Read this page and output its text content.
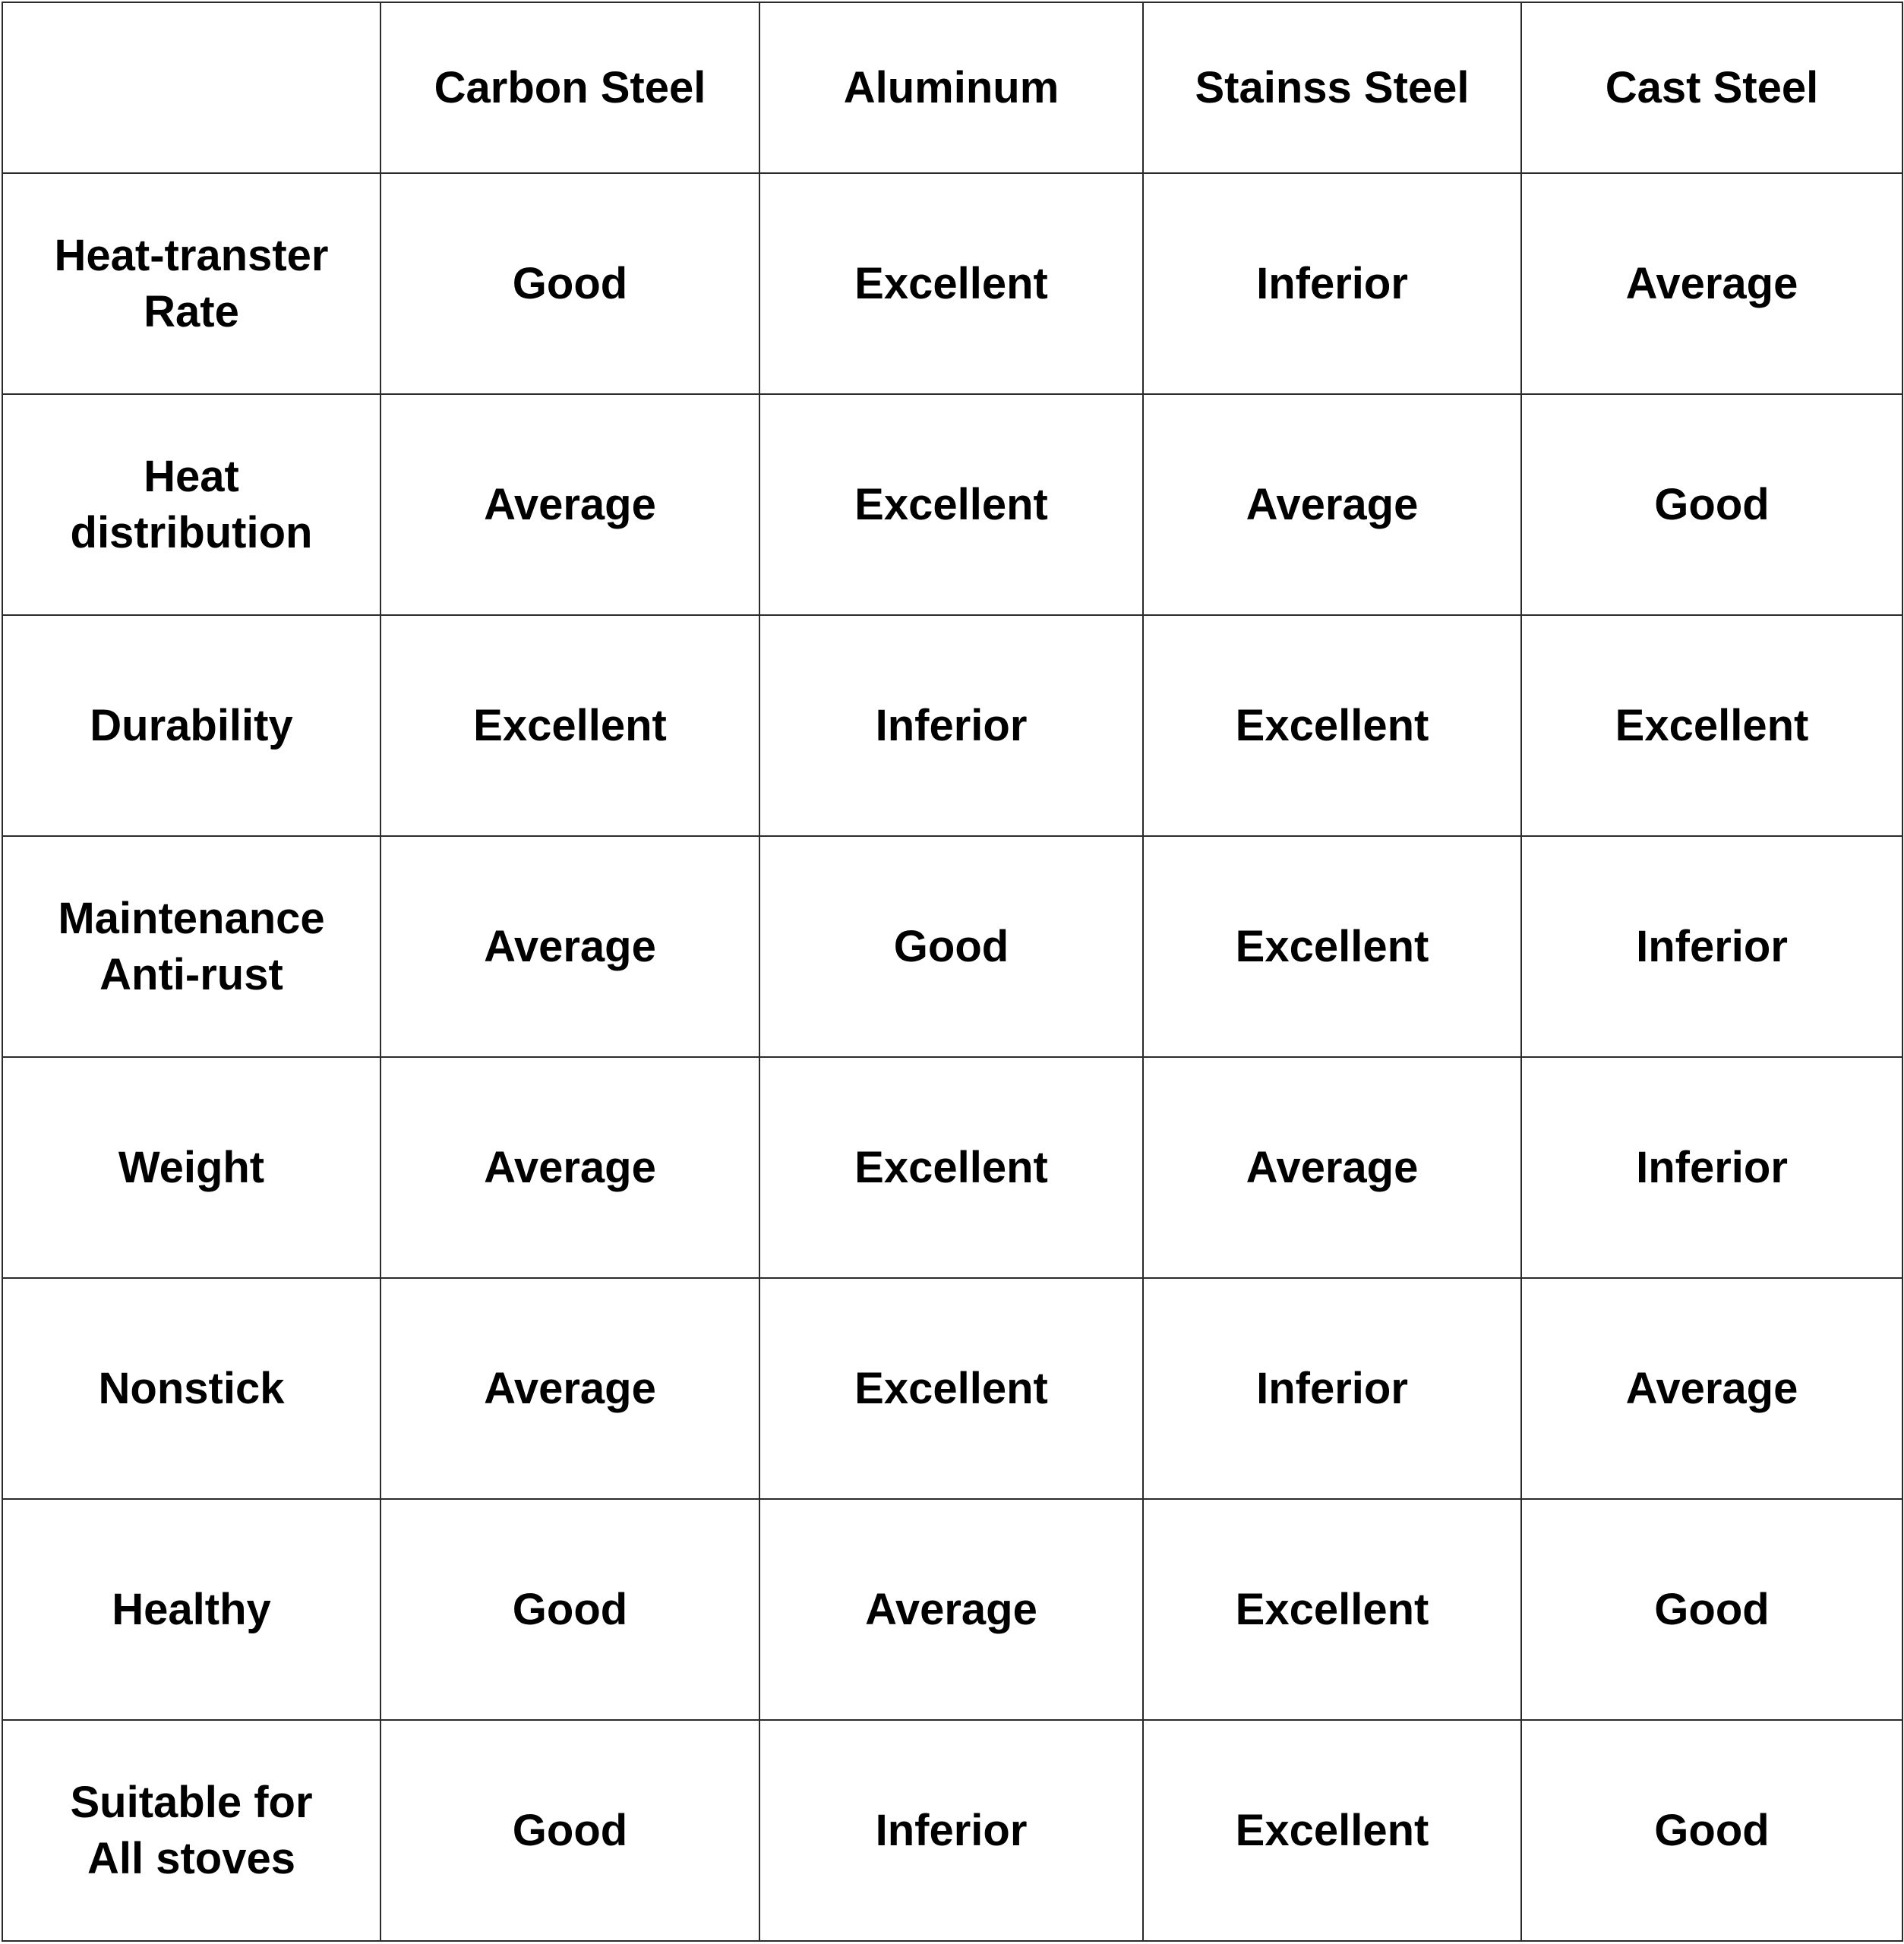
	Carbon Steel	Aluminum	Stainss Steel	Cast Steel
Heat-transter
Rate	Good	Excellent	Inferior	Average
Heat
distribution	Average	Excellent	Average	Good
Durability	Excellent	Inferior	Excellent	Excellent
Maintenance
Anti-rust	Average	Good	Excellent	Inferior
Weight	Average	Excellent	Average	Inferior
Nonstick	Average	Excellent	Inferior	Average
Healthy	Good	Average	Excellent	Good
Suitable for
All stoves	Good	Inferior	Excellent	Good
